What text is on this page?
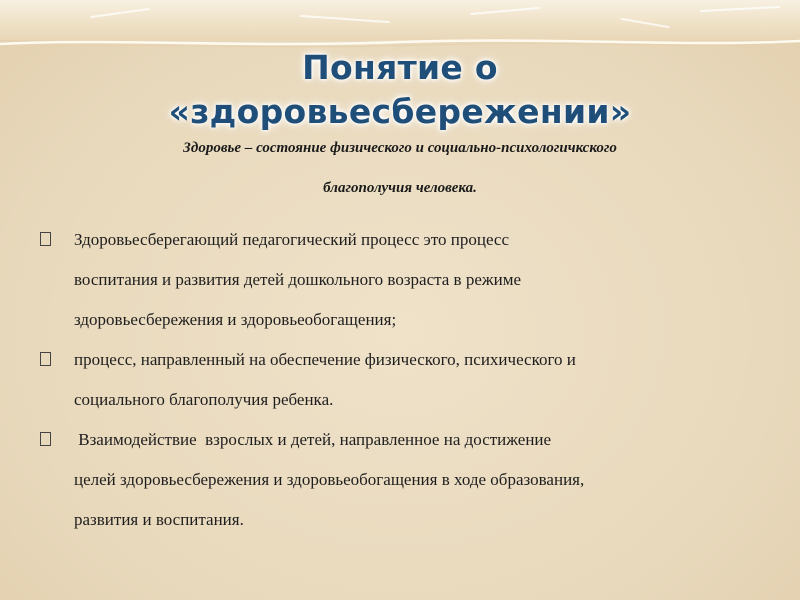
Понятие о
«здоровьесбережении»
Здоровье – состояние физического и социально-психологичкского
благополучия человека.
Здоровьесберегающий педагогический процесс это процесс
воспитания и развития детей дошкольного возраста в режиме
здоровьесбережения и здоровьеобогащения;
процесс, направленный на обеспечение физического, психического и
социального благополучия ребенка.
Взаимодействие  взрослых и детей, направленное на достижение
целей здоровьесбережения и здоровьеобогащения в ходе образования,
развития и воспитания.
